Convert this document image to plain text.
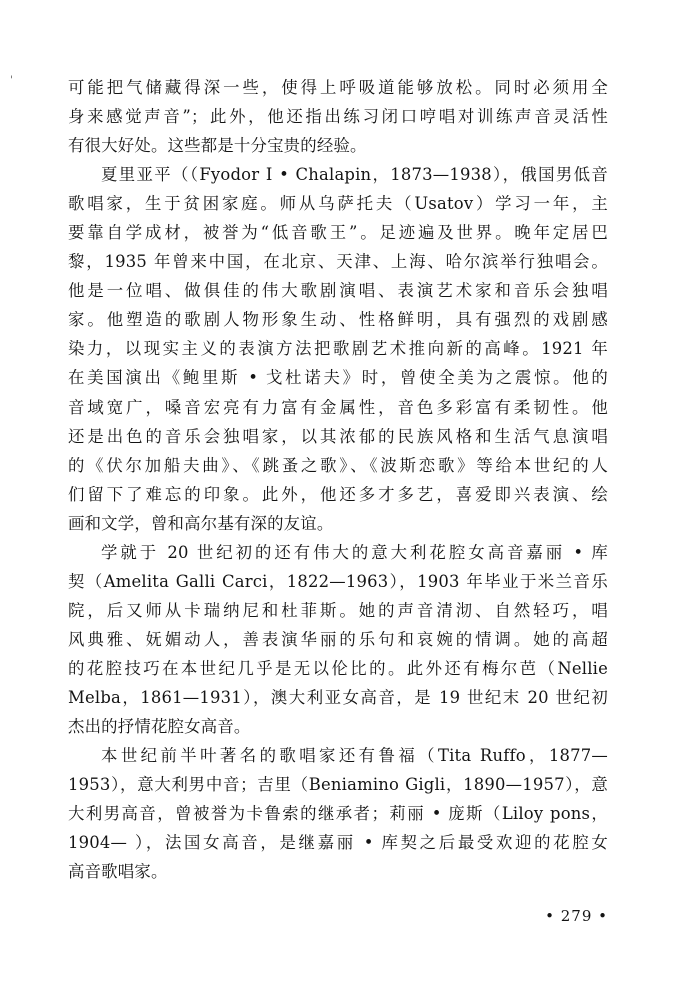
'	可能把气储藏得深一些，使得上呼吸道能够放松。同时必须用全
身来感觉声音”；此外，他还指出练习闭口哼唱对训练声音灵活性
有很大好处。这些都是十分宝贵的经验。
夏里亚平（（Fyodor I • Chalapin，1873—1938），俄国男低音
歌唱家，生于贫困家庭。师从乌萨托夫（Usatov）学习一年，主
要靠自学成材，被誉为“低音歌王”。足迹遍及世界。晚年定居巴
黎，1935 年曾来中国，在北京、天津、上海、哈尔滨举行独唱会。
他是一位唱、做俱佳的伟大歌剧演唱、表演艺术家和音乐会独唱
家。他塑造的歌剧人物形象生动、性格鲜明，具有强烈的戏剧感
染力，以现实主义的表演方法把歌剧艺术推向新的高峰。1921 年
在美国演出《鲍里斯 • 戈杜诺夫》时，曾使全美为之震惊。他的
音域宽广，嗓音宏亮有力富有金属性，音色多彩富有柔韧性。他
还是出色的音乐会独唱家，以其浓郁的民族风格和生活气息演唱
的《伏尔加船夫曲》、《跳蚤之歌》、《波斯恋歌》等给本世纪的人
们留下了难忘的印象。此外，他还多才多艺，喜爱即兴表演、绘
画和文学，曾和高尔基有深的友谊。
学就于 20 世纪初的还有伟大的意大利花腔女高音嘉丽 • 库
契（Amelita Galli Carci，1822—1963），1903 年毕业于米兰音乐
院，后又师从卡瑞纳尼和杜菲斯。她的声音清沏、自然轻巧，唱
风典雅、妩媚动人，善表演华丽的乐句和哀婉的情调。她的高超
的花腔技巧在本世纪几乎是无以伦比的。此外还有梅尔芭（Nellie
Melba，1861—1931），澳大利亚女高音，是 19 世纪末 20 世纪初
杰出的抒情花腔女高音。
本世纪前半叶著名的歌唱家还有鲁福（Tita Ruffo，1877—
1953），意大利男中音；吉里（Beniamino Gigli，1890—1957），意
大利男高音，曾被誉为卡鲁索的继承者；莉丽 • 庞斯（Liloy pons，
1904— ），法国女高音，是继嘉丽 • 库契之后最受欢迎的花腔女
高音歌唱家。
• 279 •
